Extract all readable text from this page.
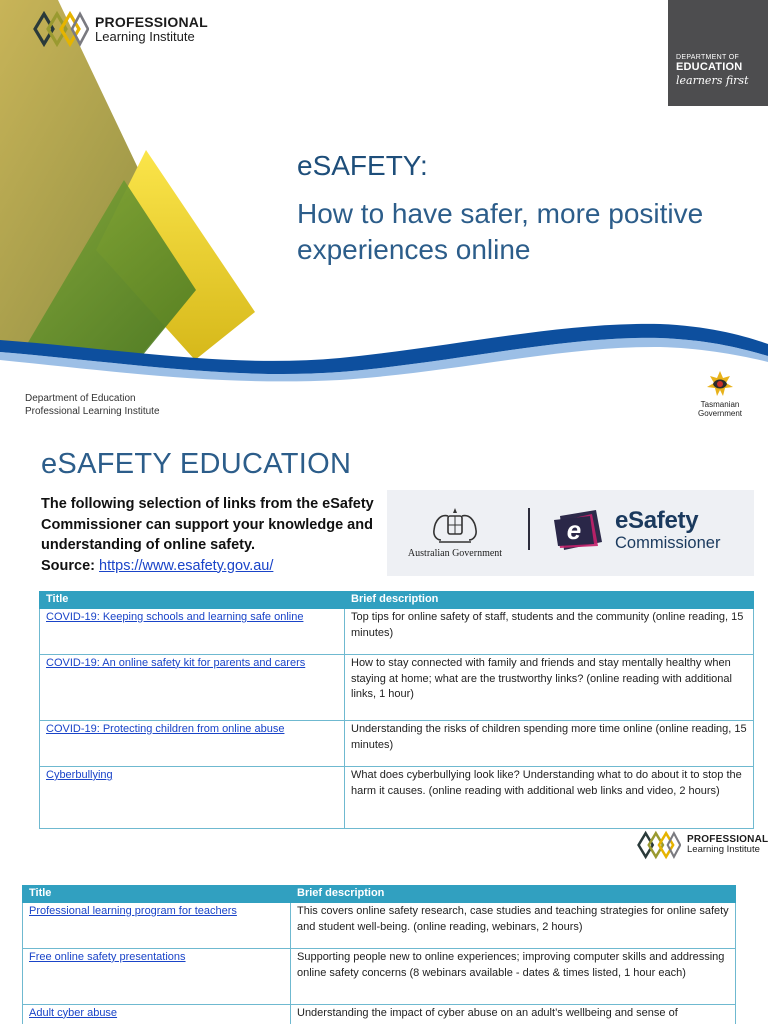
PROFESSIONAL
Learning Institute
DEPARTMENT OF
EDUCATION
learners first
eSAFETY:
How to have safer, more positive experiences online
Department of Education
Professional Learning Institute
Tasmanian
Government
eSAFETY EDUCATION
The following selection of links from the eSafety Commissioner can support your knowledge and understanding of online safety.
Source: https://www.esafety.gov.au/
Australian Government
e eSafety
Commissioner
Title	Brief description
COVID-19: Keeping schools and learning safe online	Top tips for online safety of staff, students and the community (online reading, 15 minutes)
COVID-19: An online safety kit for parents and carers	How to stay connected with family and friends and stay mentally healthy when staying at home; what are the trustworthy links? (online reading with additional links, 1 hour)
COVID-19: Protecting children from online abuse	Understanding the risks of children spending more time online (online reading, 15 minutes)
Cyberbullying	What does cyberbullying look like? Understanding what to do about it to stop the harm it causes. (online reading with additional web links and video, 2 hours)
PROFESSIONAL
Learning Institute
Title	Brief description
Professional learning program for teachers	This covers online safety research, case studies and teaching strategies for online safety and student well-being. (online reading, webinars, 2 hours)
Free online safety presentations	Supporting people new to online experiences; improving computer skills and addressing online safety concerns (8 webinars available - dates & times listed, 1 hour each)
Adult cyber abuse	Understanding the impact of cyber abuse on an adult’s wellbeing and sense of
